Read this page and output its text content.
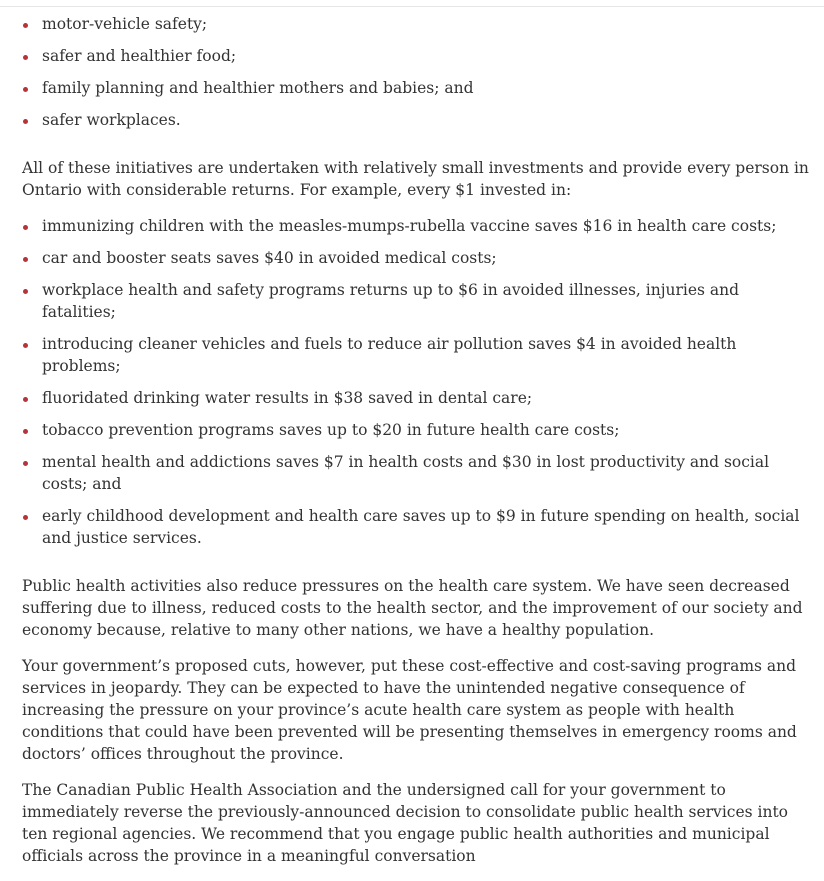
motor-vehicle safety;
safer and healthier food;
family planning and healthier mothers and babies; and
safer workplaces.

All of these initiatives are undertaken with relatively small investments and provide every person in Ontario with considerable returns. For example, every $1 invested in:

immunizing children with the measles-mumps-rubella vaccine saves $16 in health care costs;
car and booster seats saves $40 in avoided medical costs;
workplace health and safety programs returns up to $6 in avoided illnesses, injuries and fatalities;
introducing cleaner vehicles and fuels to reduce air pollution saves $4 in avoided health problems;
fluoridated drinking water results in $38 saved in dental care;
tobacco prevention programs saves up to $20 in future health care costs;
mental health and addictions saves $7 in health costs and $30 in lost productivity and social costs; and
early childhood development and health care saves up to $9 in future spending on health, social and justice services.

Public health activities also reduce pressures on the health care system. We have seen decreased suffering due to illness, reduced costs to the health sector, and the improvement of our society and economy because, relative to many other nations, we have a healthy population.

Your government’s proposed cuts, however, put these cost-effective and cost-saving programs and services in jeopardy. They can be expected to have the unintended negative consequence of increasing the pressure on your province’s acute health care system as people with health conditions that could have been prevented will be presenting themselves in emergency rooms and doctors’ offices throughout the province.

The Canadian Public Health Association and the undersigned call for your government to immediately reverse the previously-announced decision to consolidate public health services into ten regional agencies. We recommend that you engage public health authorities and municipal officials across the province in a meaningful conversation
